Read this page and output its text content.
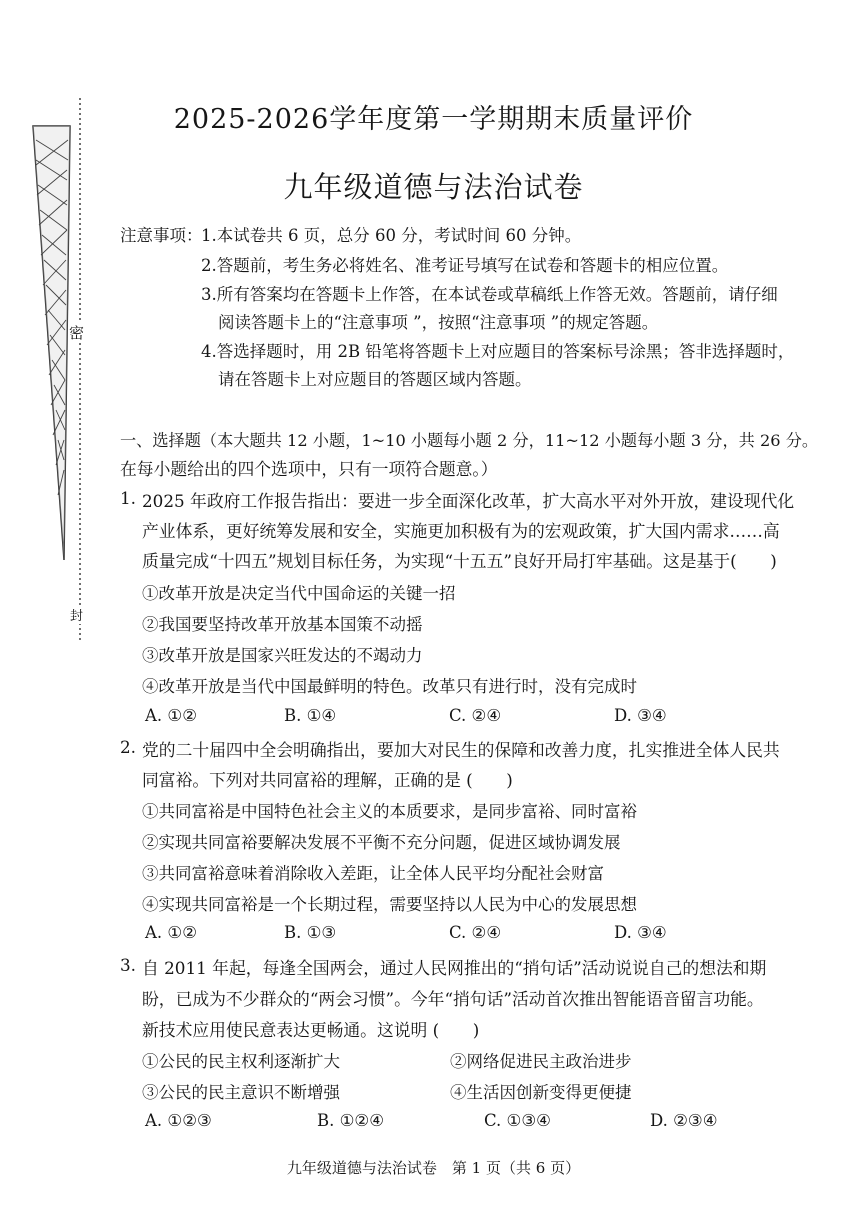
密
封
2025-2026学年度第一学期期末质量评价
九年级道德与法治试卷
注意事项：
1.本试卷共 6 页，总分 60 分，考试时间 60 分钟。
2.答题前，考生务必将姓名、准考证号填写在试卷和答题卡的相应位置。
3.所有答案均在答题卡上作答，在本试卷或草稿纸上作答无效。答题前，请仔细
阅读答题卡上的“注意事项 ”，按照“注意事项 ”的规定答题。
4.答选择题时，用 2B 铅笔将答题卡上对应题目的答案标号涂黑；答非选择题时，
请在答题卡上对应题目的答题区域内答题。
一、选择题（本大题共 12 小题，1~10 小题每小题 2 分，11~12 小题每小题 3 分，共 26 分。
在每小题给出的四个选项中，只有一项符合题意。）
1. 2025 年政府工作报告指出：要进一步全面深化改革，扩大高水平对外开放，建设现代化
产业体系，更好统筹发展和安全，实施更加积极有为的宏观政策，扩大国内需求……高
质量完成“十四五”规划目标任务，为实现“十五五”良好开局打牢基础。这是基于(　　)
①改革开放是决定当代中国命运的关键一招
②我国要坚持改革开放基本国策不动摇
③改革开放是国家兴旺发达的不竭动力
④改革开放是当代中国最鲜明的特色。改革只有进行时，没有完成时
A. ①②	B. ①④	C. ②④	D. ③④
2. 党的二十届四中全会明确指出，要加大对民生的保障和改善力度，扎实推进全体人民共
同富裕。下列对共同富裕的理解，正确的是 (　　)
①共同富裕是中国特色社会主义的本质要求，是同步富裕、同时富裕
②实现共同富裕要解决发展不平衡不充分问题，促进区域协调发展
③共同富裕意味着消除收入差距，让全体人民平均分配社会财富
④实现共同富裕是一个长期过程，需要坚持以人民为中心的发展思想
A. ①②	B. ①③	C. ②④	D. ③④
3. 自 2011 年起，每逢全国两会，通过人民网推出的“捎句话”活动说说自己的想法和期
盼，已成为不少群众的“两会习惯”。今年“捎句话”活动首次推出智能语音留言功能。
新技术应用使民意表达更畅通。这说明 (　　)
①公民的民主权利逐渐扩大	②网络促进民主政治进步
③公民的民主意识不断增强	④生活因创新变得更便捷
A. ①②③	B. ①②④	C. ①③④	D. ②③④
九年级道德与法治试卷　第 1 页（共 6 页）
